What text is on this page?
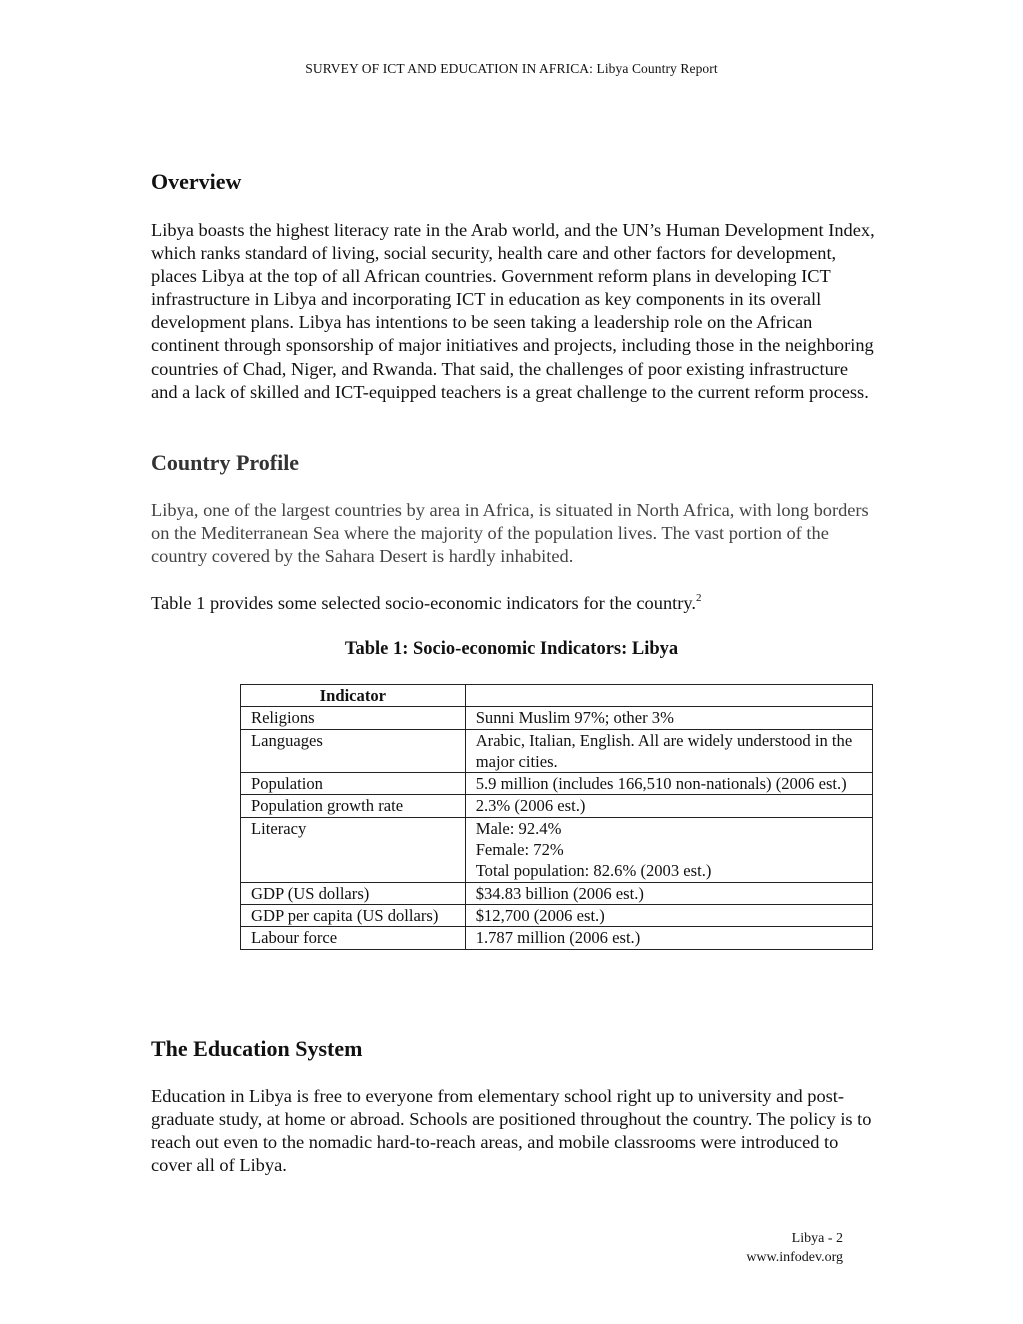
SURVEY OF ICT AND EDUCATION IN AFRICA: Libya Country Report
Overview

Libya boasts the highest literacy rate in the Arab world, and the UN’s Human Development Index, which ranks standard of living, social security, health care and other factors for development, places Libya at the top of all African countries. Government reform plans in developing ICT infrastructure in Libya and incorporating ICT in education as key components in its overall development plans. Libya has intentions to be seen taking a leadership role on the African continent through sponsorship of major initiatives and projects, including those in the neighboring countries of Chad, Niger, and Rwanda. That said, the challenges of poor existing infrastructure and a lack of skilled and ICT-equipped teachers is a great challenge to the current reform process.

Country Profile

Libya, one of the largest countries by area in Africa, is situated in North Africa, with long borders on the Mediterranean Sea where the majority of the population lives. The vast portion of the country covered by the Sahara Desert is hardly inhabited.

Table 1 provides some selected socio-economic indicators for the country.$^2$

Table 1: Socio-economic Indicators: Libya
Indicator	
Religions	Sunni Muslim 97%; other 3%

Languages	Arabic, Italian, English. All are widely understood in the major cities.

Population	5.9 million (includes 166,510 non-nationals) (2006 est.)

Population growth rate	2.3% (2006 est.)

Literacy	Male: 92.4%
Female: 72%
Total population: 82.6% (2003 est.)

GDP (US dollars)	$34.83 billion (2006 est.)

GDP per capita (US dollars)	$12,700 (2006 est.)

Labour force	1.787 million (2006 est.)
The Education System

Education in Libya is free to everyone from elementary school right up to university and post-graduate study, at home or abroad. Schools are positioned throughout the country. The policy is to reach out even to the nomadic hard-to-reach areas, and mobile classrooms were introduced to cover all of Libya.

Libya - 2
www.infodev.org
